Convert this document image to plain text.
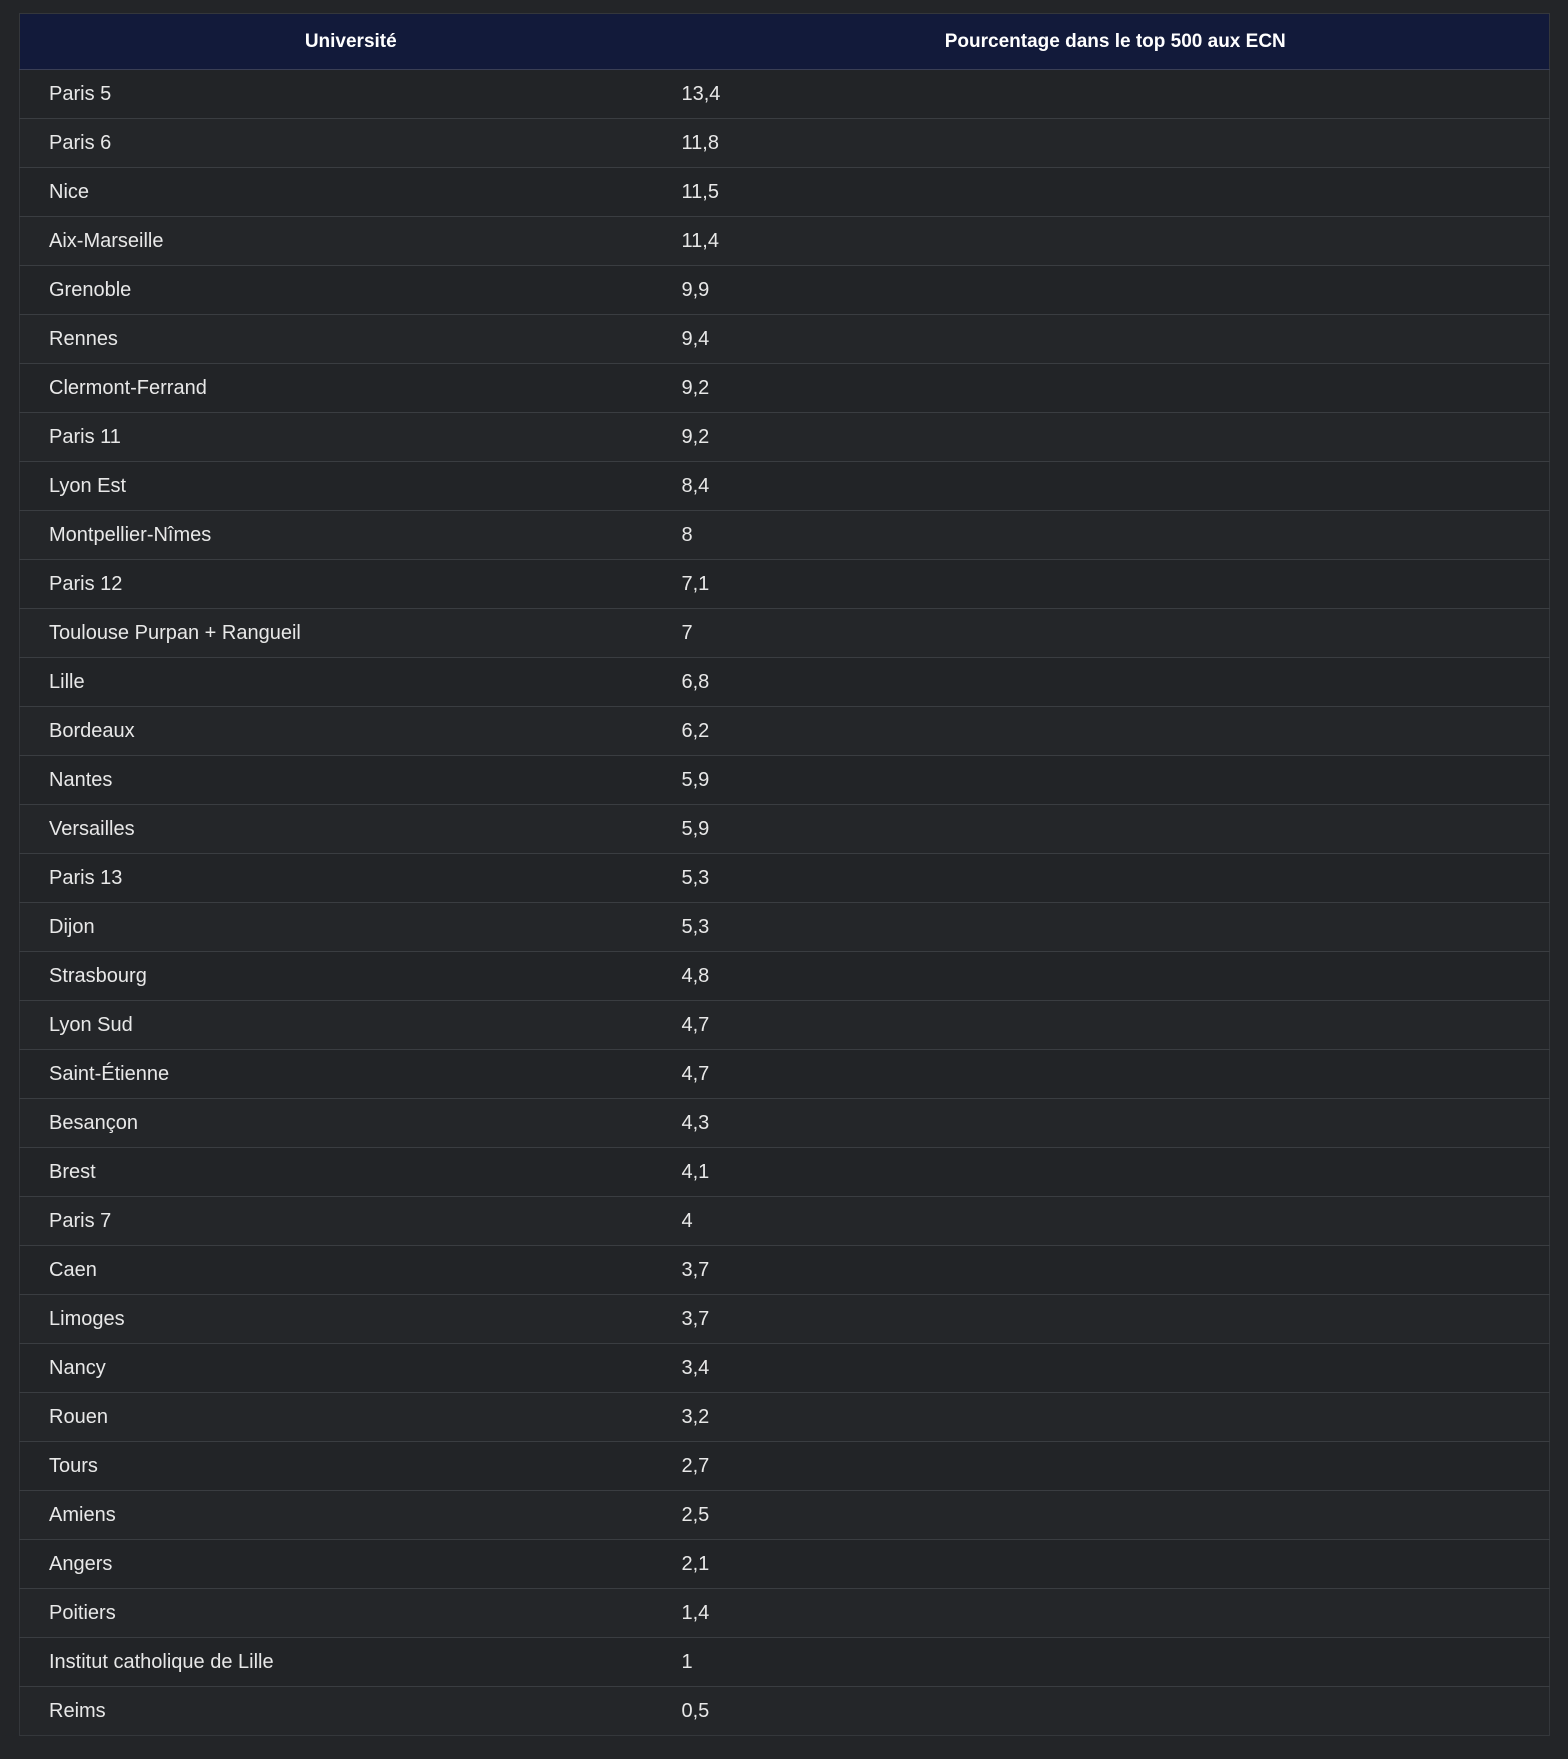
Université	Pourcentage dans le top 500 aux ECN
Paris 5	13,4
Paris 6	11,8
Nice	11,5
Aix-Marseille	11,4
Grenoble	9,9
Rennes	9,4
Clermont-Ferrand	9,2
Paris 11	9,2
Lyon Est	8,4
Montpellier-Nîmes	8
Paris 12	7,1
Toulouse Purpan + Rangueil	7
Lille	6,8
Bordeaux	6,2
Nantes	5,9
Versailles	5,9
Paris 13	5,3
Dijon	5,3
Strasbourg	4,8
Lyon Sud	4,7
Saint-Étienne	4,7
Besançon	4,3
Brest	4,1
Paris 7	4
Caen	3,7
Limoges	3,7
Nancy	3,4
Rouen	3,2
Tours	2,7
Amiens	2,5
Angers	2,1
Poitiers	1,4
Institut catholique de Lille	1
Reims	0,5
